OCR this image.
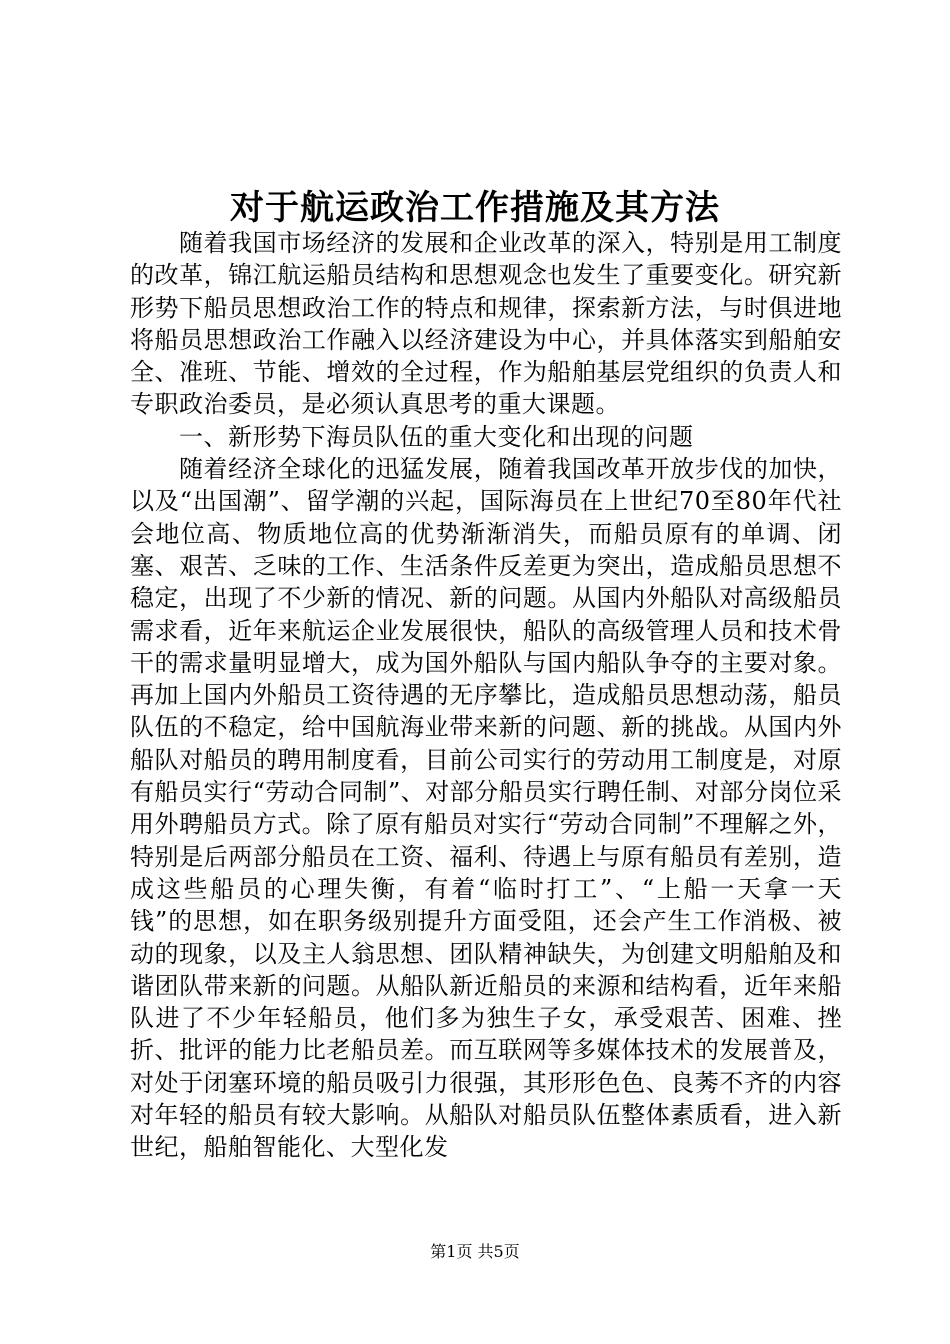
对于航运政治工作措施及其方法

随着我国市场经济的发展和企业改革的深入，特别是用工制度的改革，锦江航运船员结构和思想观念也发生了重要变化。研究新形势下船员思想政治工作的特点和规律，探索新方法，与时俱进地将船员思想政治工作融入以经济建设为中心，并具体落实到船舶安全、准班、节能、增效的全过程，作为船舶基层党组织的负责人和专职政治委员，是必须认真思考的重大课题。

一、新形势下海员队伍的重大变化和出现的问题

随着经济全球化的迅猛发展，随着我国改革开放步伐的加快，以及“出国潮”、留学潮的兴起，国际海员在上世纪70至80年代社会地位高、物质地位高的优势渐渐消失，而船员原有的单调、闭塞、艰苦、乏味的工作、生活条件反差更为突出，造成船员思想不稳定，出现了不少新的情况、新的问题。从国内外船队对高级船员需求看，近年来航运企业发展很快，船队的高级管理人员和技术骨干的需求量明显增大，成为国外船队与国内船队争夺的主要对象。再加上国内外船员工资待遇的无序攀比，造成船员思想动荡，船员队伍的不稳定，给中国航海业带来新的问题、新的挑战。从国内外船队对船员的聘用制度看，目前公司实行的劳动用工制度是，对原有船员实行“劳动合同制”、对部分船员实行聘任制、对部分岗位采用外聘船员方式。除了原有船员对实行“劳动合同制”不理解之外，特别是后两部分船员在工资、福利、待遇上与原有船员有差别，造成这些船员的心理失衡，有着“临时打工”、“上船一天拿一天钱”的思想，如在职务级别提升方面受阻，还会产生工作消极、被动的现象，以及主人翁思想、团队精神缺失，为创建文明船舶及和谐团队带来新的问题。从船队新近船员的来源和结构看，近年来船队进了不少年轻船员，他们多为独生子女，承受艰苦、困难、挫折、批评的能力比老船员差。而互联网等多媒体技术的发展普及，对处于闭塞环境的船员吸引力很强，其形形色色、良莠不齐的内容对年轻的船员有较大影响。从船队对船员队伍整体素质看，进入新世纪，船舶智能化、大型化发

第1页 共5页
